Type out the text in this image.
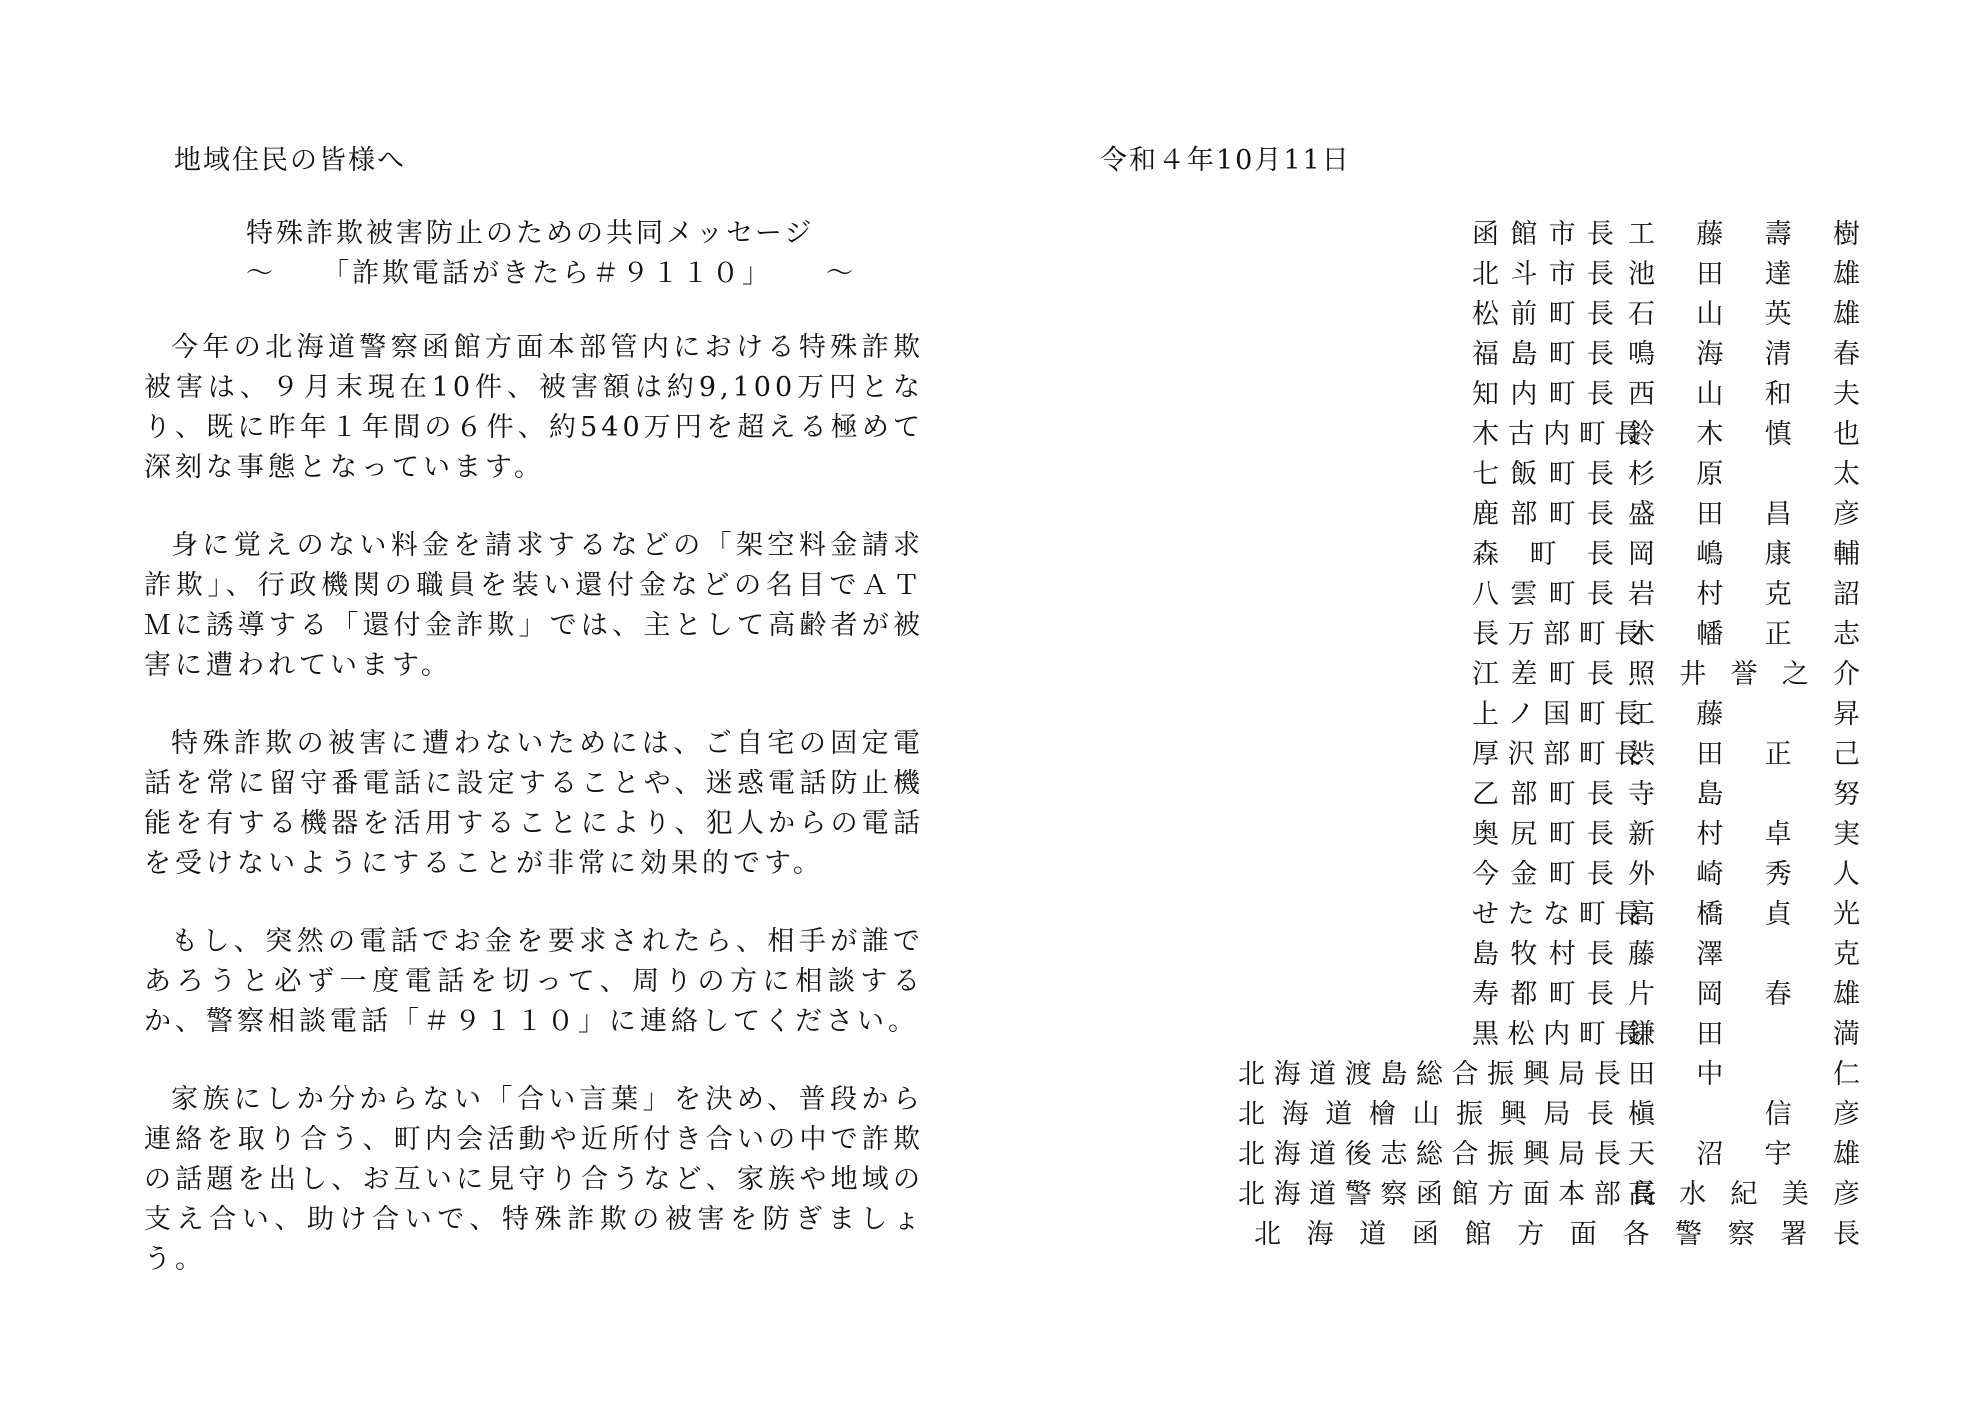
地域住民の皆様へ	令和４年10月11日
特殊詐欺被害防止のための共同メッセージ
～	「詐欺電話がきたら＃９１１０」 ～

今年の北海道警察函館方面本部管内における特殊詐欺被害は、９月末現在10件、被害額は約9,100万円となり、既に昨年１年間の６件、約540万円を超える極めて深刻な事態となっています。

身に覚えのない料金を請求するなどの「架空料金請求詐欺」、行政機関の職員を装い還付金などの名目でＡＴＭに誘導する「還付金詐欺」では、主として高齢者が被害に遭われています。

特殊詐欺の被害に遭わないためには、ご自宅の固定電話を常に留守番電話に設定することや、迷惑電話防止機能を有する機器を活用することにより、犯人からの電話を受けないようにすることが非常に効果的です。

もし、突然の電話でお金を要求されたら、相手が誰であろうと必ず一度電話を切って、周りの方に相談するか、警察相談電話「＃９１１０」に連絡してください。

家族にしか分からない「合い言葉」を決め、普段から連絡を取り合う、町内会活動や近所付き合いの中で詐欺の話題を出し、お互いに見守り合うなど、家族や地域の支え合い、助け合いで、特殊詐欺の被害を防ぎましょう。

函 館 市 長 工 藤 壽 樹
北 斗 市 長 池 田 達 雄
松 前 町 長 石 山 英 雄
福 島 町 長 鳴 海 清 春
知 内 町 長 西 山 和 夫
木 古 内 町 長
鈴 木 慎 也
七 飯 町 長 杉 原 　 太
鹿 部 町 長 盛 田 昌 彦
森 町 長 岡 嶋 康 輔
八 雲 町 長 岩 村 克 詔
長 万 部 町 長
木 幡 正 志
江 差 町 長 照 井 誉 之 介
上 ノ 国 町 長
工 藤 　 昇
厚 沢 部 町 長
渋 田 正 己
乙 部 町 長 寺 島 　 努
奥 尻 町 長 新 村 卓 実
今 金 町 長 外 崎 秀 人
せ た な 町 長
高 橋 貞 光
島 牧 村 長 藤 澤 　 克
寿 都 町 長 片 岡 春 雄
黒 松 内 町 長
鎌 田 　 満
北 海 道 渡 島 総 合 振 興 局 長 田 中 　 仁
北 海 道 檜 山 振 興 局 長 槇 　 信 彦
北 海 道 後 志 総 合 振 興 局 長 天 沼 宇 雄
北 海 道 警 察 函 館 方 面 本 部 長
高 水 紀 美 彦
北 海 道 函 館 方 面 各 警 察 署 長
